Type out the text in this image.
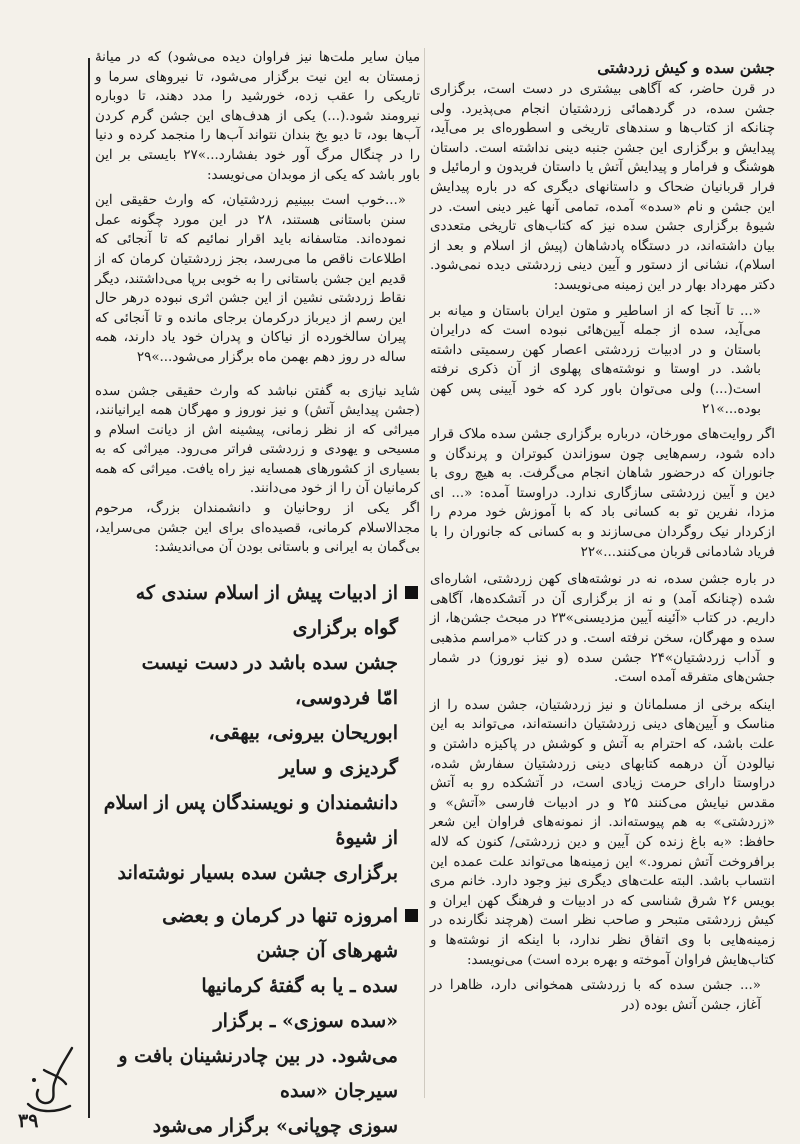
جشن سده و کیش زردشتی

در قرن حاضر، که آگاهی بیشتری در دست است، برگزاری جشن سده، در گردهمائی زردشتیان انجام می‌پذیرد. ولی چنانکه از کتاب‌ها و سندهای تاریخی و اسطوره‌ای بر می‌آید، پیدایش و برگزاری این جشن جنبه دینی نداشته است. داستان هوشنگ و فرامار و پیدایش آتش یا داستان فریدون و ارمائیل و فرار قربانیان ضحاک و داستانهای دیگری که در باره پیدایش این جشن و نام «سده» آمده، تمامی آنها غیر دینی است. در شیوهٔ برگزاری جشن سده نیز که کتاب‌های تاریخی متعددی بیان داشته‌اند، در دستگاه پادشاهان (پیش از اسلام و بعد از اسلام)، نشانی از دستور و آیین دینی زردشتی دیده نمی‌شود. دکتر مهرداد بهار در این زمینه می‌نویسد:

«... تا آنجا که از اساطیر و متون ایران باستان و میانه بر می‌آید، سده از جمله آیین‌هائی نبوده است که درایران باستان و در ادبیات زردشتی اعصار کهن رسمیتی داشته باشد. در اوستا و نوشته‌های پهلوی از آن ذکری نرفته است(...) ولی می‌توان باور کرد که خود آیینی پس کهن بوده...»۲۱

اگر روایت‌های مورخان، درباره برگزاری جشن سده ملاک قرار داده شود، رسم‌هایی چون سوزاندن کبوتران و پرندگان و جانوران که درحضور شاهان انجام می‌گرفت. به هیچ روی با دین و آیین زردشتی سازگاری ندارد. دراوستا آمده: «... ای مزدا، نفرین تو به کسانی باد که با آموزش خود مردم را ازکردار نیک روگردان می‌سازند و به کسانی که جانوران را با فریاد شادمانی قربان می‌کنند...»۲۲

در باره جشن سده، نه در نوشته‌های کهن زردشتی، اشاره‌ای شده (چنانکه آمد) و نه از برگزاری آن در آتشکده‌ها، آگاهی داریم. در کتاب «آئینه آیین مزدیسنی»۲۳ در مبحث جشن‌ها، از سده و مهرگان، سخن نرفته است. و در کتاب «مراسم مذهبی و آداب زردشتیان»۲۴ جشن سده (و نیز نوروز) در شمار جشن‌های متفرقه آمده است.

اینکه برخی از مسلمانان و نیز زردشتیان، جشن سده را از مناسک و آیین‌های دینی زردشتیان دانسته‌اند، می‌تواند به این علت باشد، که احترام به آتش و کوشش در پاکیزه داشتن و نیالودن آن درهمه کتابهای دینی زردشتیان سفارش شده، دراوستا دارای حرمت زیادی است، در آتشکده رو به آتش مقدس نیایش می‌کنند ۲۵ و در ادبیات فارسی «آتش» و «زردشتی» به هم پیوسته‌اند. از نمونه‌های فراوان این شعر حافظ: «به باغ زنده کن آیین و دین زردشتی/ کنون که لاله برافروخت آتش نمرود.» این زمینه‌ها می‌تواند علت عمده این انتساب باشد. البته علت‌های دیگری نیز وجود دارد. خانم مری بویس ۲۶ شرق شناسی که در ادبیات و فرهنگ کهن ایران و کیش زردشتی متبحر و صاحب نظر است (هرچند نگارنده در زمینه‌هایی با وی اتفاق نظر ندارد، با اینکه از نوشته‌ها و کتاب‌هایش فراوان آموخته و بهره برده است) می‌نویسد:

«... جشن سده که با زردشتی همخوانی دارد، ظاهرا در آغاز، جشن آتش بوده (در

میان سایر ملت‌ها نیز فراوان دیده می‌شود) که در میانهٔ زمستان به این نیت برگزار می‌شود، تا نیروهای سرما و تاریکی را عقب زده، خورشید را مدد دهند، تا دوباره نیرومند شود.(...) یکی از هدف‌های این جشن گرم کردن آب‌ها بود، تا دیو یخ بندان نتواند آب‌ها را منجمد کرده و دنیا را در چنگال مرگ آور خود بفشارد...»۲۷ بایستی بر این باور باشد که یکی از موبدان می‌نویسد:

«...خوب است ببینیم زردشتیان، که وارث حقیقی این سنن باستانی هستند، ۲۸ در این مورد چگونه عمل نموده‌اند. متاسفانه باید اقرار نمائیم که تا آنجائی که اطلاعات ناقص ما می‌رسد، بجز زردشتیان کرمان که از قدیم این جشن باستانی را به خوبی برپا می‌داشتند، دیگر نقاط زردشتی نشین از این جشن اثری نبوده درهر حال این رسم از دیرباز درکرمان برجای مانده و تا آنجائی که پیران سالخورده از نیاکان و پدران خود یاد دارند، همه ساله در روز دهم بهمن ماه برگزار می‌شود...»۲۹

شاید نیازی به گفتن نباشد که وارث حقیقی جشن سده (جشن پیدایش آتش) و نیز نوروز و مهرگان همه ایرانیانند، میراثی که از نظر زمانی، پیشینه اش از دیانت اسلام و مسیحی و یهودی و زردشتی فراتر می‌رود. میراثی که به بسیاری از کشورهای همسایه نیز راه یافت. میراثی که همه کرمانیان آن را از خود می‌دانند.

اگر یکی از روحانیان و دانشمندان بزرگ، مرحوم مجدالاسلام کرمانی، قصیده‌ای برای این جشن می‌سراید، بی‌گمان به ایرانی و باستانی بودن آن می‌اندیشد:

از ادبیات پیش از اسلام سندی که گواه برگزاری
جشن سده باشد در دست نیست
امّا فردوسی،
ابوریحان بیرونی، بیهقی،
گردیزی و سایر
دانشمندان و نویسندگان پس از اسلام از شیوهٔ
برگزاری جشن سده بسیار نوشته‌اند
امروزه تنها در کرمان و بعضی شهرهای آن جشن
سده ـ یا به گفتهٔ کرمانیها
«سده سوزی» ـ برگزار
می‌شود. در بین چادرنشینان بافت و سیرجان «سده
سوزی چوپانی» برگزار می‌شود
۳۹
